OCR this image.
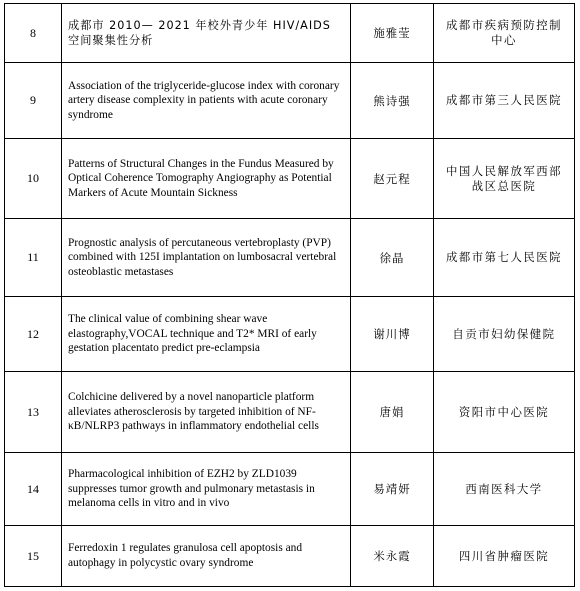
8	成都市 2010— 2021 年校外青少年 HIV/AIDS 空间聚集性分析	施雅莹	成都市疾病预防控制中心
9	Association of the triglyceride-glucose index with coronary artery disease complexity in patients with acute coronary syndrome	熊诗强	成都市第三人民医院
10	Patterns of Structural Changes in the Fundus Measured by Optical Coherence Tomography Angiography as Potential Markers of Acute Mountain Sickness	赵元程	中国人民解放军西部战区总医院
11	Prognostic analysis of percutaneous vertebroplasty (PVP) combined with 125I implantation on lumbosacral vertebral osteoblastic metastases	徐晶	成都市第七人民医院
12	The clinical value of combining shear wave elastography,VOCAL technique and T2* MRI of early gestation placentato predict pre-eclampsia	谢川博	自贡市妇幼保健院
13	Colchicine delivered by a novel nanoparticle platform alleviates atherosclerosis by targeted inhibition of NF-κB/NLRP3 pathways in inflammatory endothelial cells	唐娟	资阳市中心医院
14	Pharmacological inhibition of EZH2 by ZLD1039 suppresses tumor growth and pulmonary metastasis in melanoma cells in vitro and in vivo	易靖妍	西南医科大学
15	Ferredoxin 1 regulates granulosa cell apoptosis and autophagy in polycystic ovary syndrome	米永霞	四川省肿瘤医院
